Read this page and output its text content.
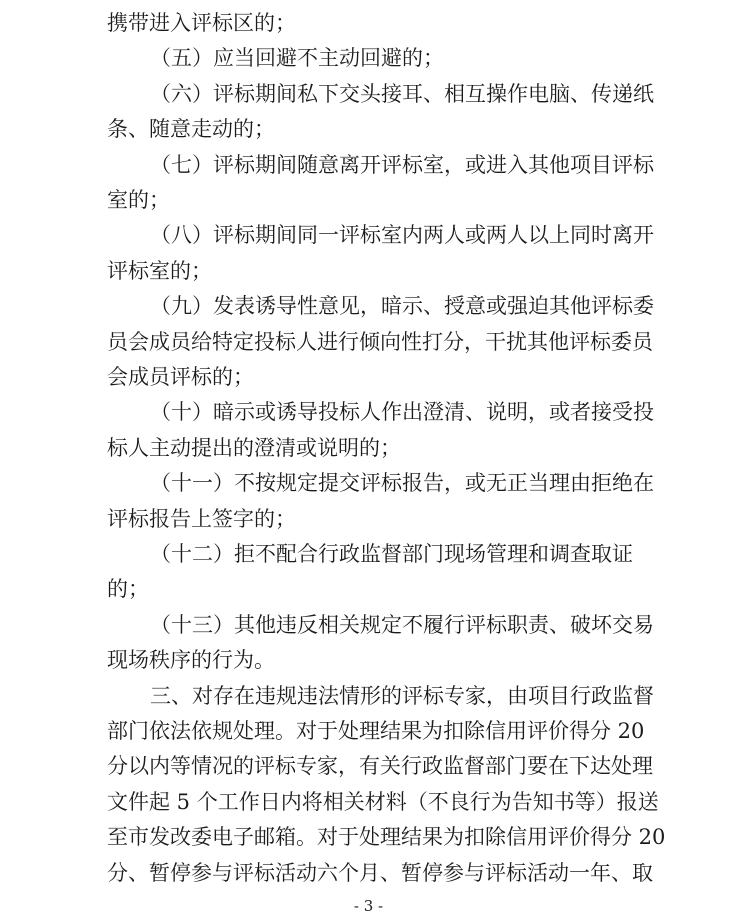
携带进入评标区的；
（五）应当回避不主动回避的；
（六）评标期间私下交头接耳、相互操作电脑、传递纸
条、随意走动的；
（七）评标期间随意离开评标室，或进入其他项目评标
室的；
（八）评标期间同一评标室内两人或两人以上同时离开
评标室的；
（九）发表诱导性意见，暗示、授意或强迫其他评标委
员会成员给特定投标人进行倾向性打分，干扰其他评标委员
会成员评标的；
（十）暗示或诱导投标人作出澄清、说明，或者接受投
标人主动提出的澄清或说明的；
（十一）不按规定提交评标报告，或无正当理由拒绝在
评标报告上签字的；
（十二）拒不配合行政监督部门现场管理和调查取证
的；
（十三）其他违反相关规定不履行评标职责、破坏交易
现场秩序的行为。
三、对存在违规违法情形的评标专家，由项目行政监督
部门依法依规处理。对于处理结果为扣除信用评价得分 20
分以内等情况的评标专家，有关行政监督部门要在下达处理
文件起 5 个工作日内将相关材料（不良行为告知书等）报送
至市发改委电子邮箱。对于处理结果为扣除信用评价得分 20
分、暂停参与评标活动六个月、暂停参与评标活动一年、取
- 3 -
